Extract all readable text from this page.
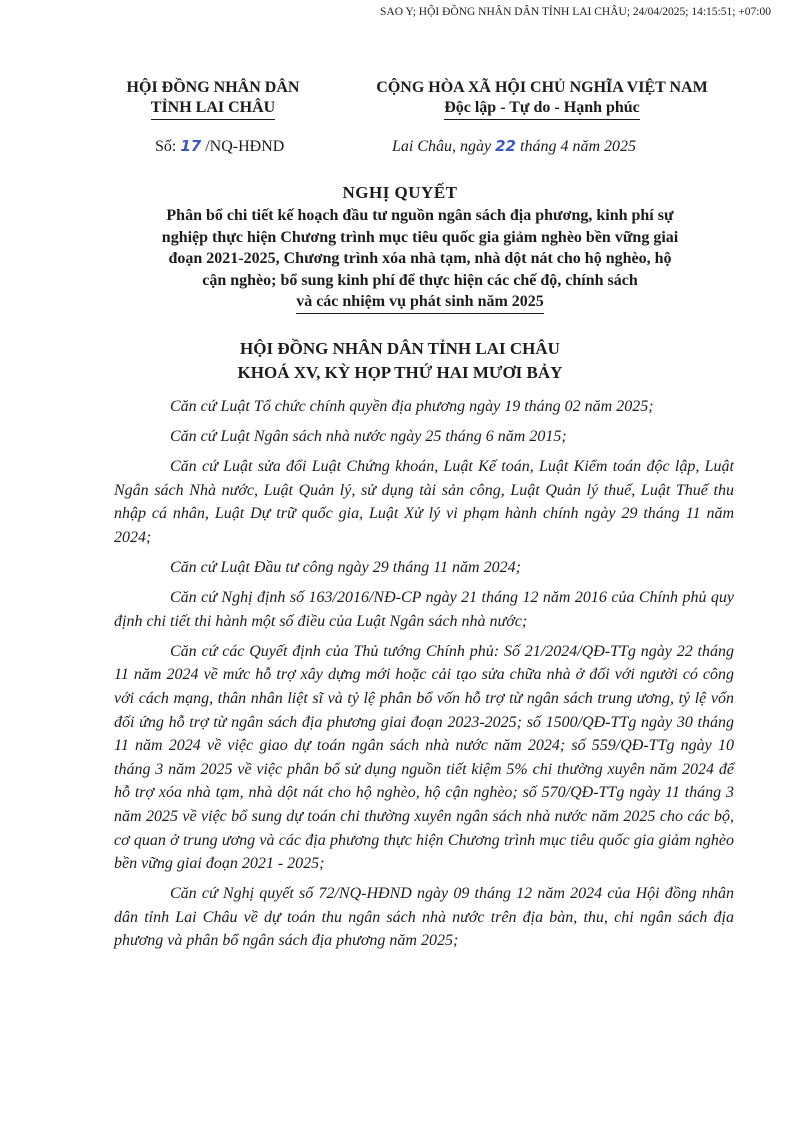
SAO Y; HỘI ĐỒNG NHÂN DÂN TỈNH LAI CHÂU; 24/04/2025; 14:15:51; +07:00
HỘI ĐỒNG NHÂN DÂN
TỈNH LAI CHÂU
CỘNG HÒA XÃ HỘI CHỦ NGHĨA VIỆT NAM
Độc lập - Tự do - Hạnh phúc
Số: 17 /NQ-HĐND	Lai Châu, ngày 22 tháng 4 năm 2025
NGHỊ QUYẾT
Phân bổ chi tiết kế hoạch đầu tư nguồn ngân sách địa phương, kinh phí sự
nghiệp thực hiện Chương trình mục tiêu quốc gia giảm nghèo bền vững giai
đoạn 2021-2025, Chương trình xóa nhà tạm, nhà dột nát cho hộ nghèo, hộ
cận nghèo; bổ sung kinh phí để thực hiện các chế độ, chính sách
và các nhiệm vụ phát sinh năm 2025
HỘI ĐỒNG NHÂN DÂN TỈNH LAI CHÂU
KHOÁ XV, KỲ HỌP THỨ HAI MƯƠI BẢY

Căn cứ Luật Tổ chức chính quyền địa phương ngày 19 tháng 02 năm 2025;

Căn cứ Luật Ngân sách nhà nước ngày 25 tháng 6 năm 2015;

Căn cứ Luật sửa đổi Luật Chứng khoán, Luật Kế toán, Luật Kiểm toán độc lập, Luật Ngân sách Nhà nước, Luật Quản lý, sử dụng tài sản công, Luật Quản lý thuế, Luật Thuế thu nhập cá nhân, Luật Dự trữ quốc gia, Luật Xử lý vi phạm hành chính ngày 29 tháng 11 năm 2024;

Căn cứ Luật Đầu tư công ngày 29 tháng 11 năm 2024;

Căn cứ Nghị định số 163/2016/NĐ-CP ngày 21 tháng 12 năm 2016 của Chính phủ quy định chi tiết thi hành một số điều của Luật Ngân sách nhà nước;

Căn cứ các Quyết định của Thủ tướng Chính phủ: Số 21/2024/QĐ-TTg ngày 22 tháng 11 năm 2024 về mức hỗ trợ xây dựng mới hoặc cải tạo sửa chữa nhà ở đối với người có công với cách mạng, thân nhân liệt sĩ và tỷ lệ phân bổ vốn hỗ trợ từ ngân sách trung ương, tỷ lệ vốn đối ứng hỗ trợ từ ngân sách địa phương giai đoạn 2023-2025; số 1500/QĐ-TTg ngày 30 tháng 11 năm 2024 về việc giao dự toán ngân sách nhà nước năm 2024; số 559/QĐ-TTg ngày 10 tháng 3 năm 2025 về việc phân bổ sử dụng nguồn tiết kiệm 5% chi thường xuyên năm 2024 để hỗ trợ xóa nhà tạm, nhà dột nát cho hộ nghèo, hộ cận nghèo; số 570/QĐ-TTg ngày 11 tháng 3 năm 2025 về việc bổ sung dự toán chi thường xuyên ngân sách nhà nước năm 2025 cho các bộ, cơ quan ở trung ương và các địa phương thực hiện Chương trình mục tiêu quốc gia giảm nghèo bền vững giai đoạn 2021 - 2025;

Căn cứ Nghị quyết số 72/NQ-HĐND ngày 09 tháng 12 năm 2024 của Hội đồng nhân dân tỉnh Lai Châu về dự toán thu ngân sách nhà nước trên địa bàn, thu, chi ngân sách địa phương và phân bổ ngân sách địa phương năm 2025;
